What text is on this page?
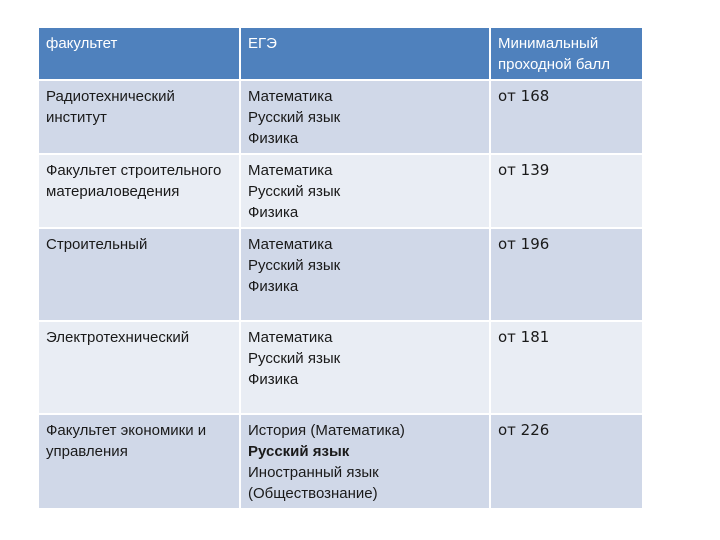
факультет	ЕГЭ	Минимальный проходной балл
Радиотехнический институт	Математика
Русский язык
Физика	от 168
Факультет строительного материаловедения	Математика
Русский язык
Физика	от 139
Строительный	Математика
Русский язык
Физика	от 196
Электротехнический	Математика
Русский язык
Физика	от 181
Факультет экономики и управления	История (Математика)
Русский язык
Иностранный язык
(Обществознание)	от 226
